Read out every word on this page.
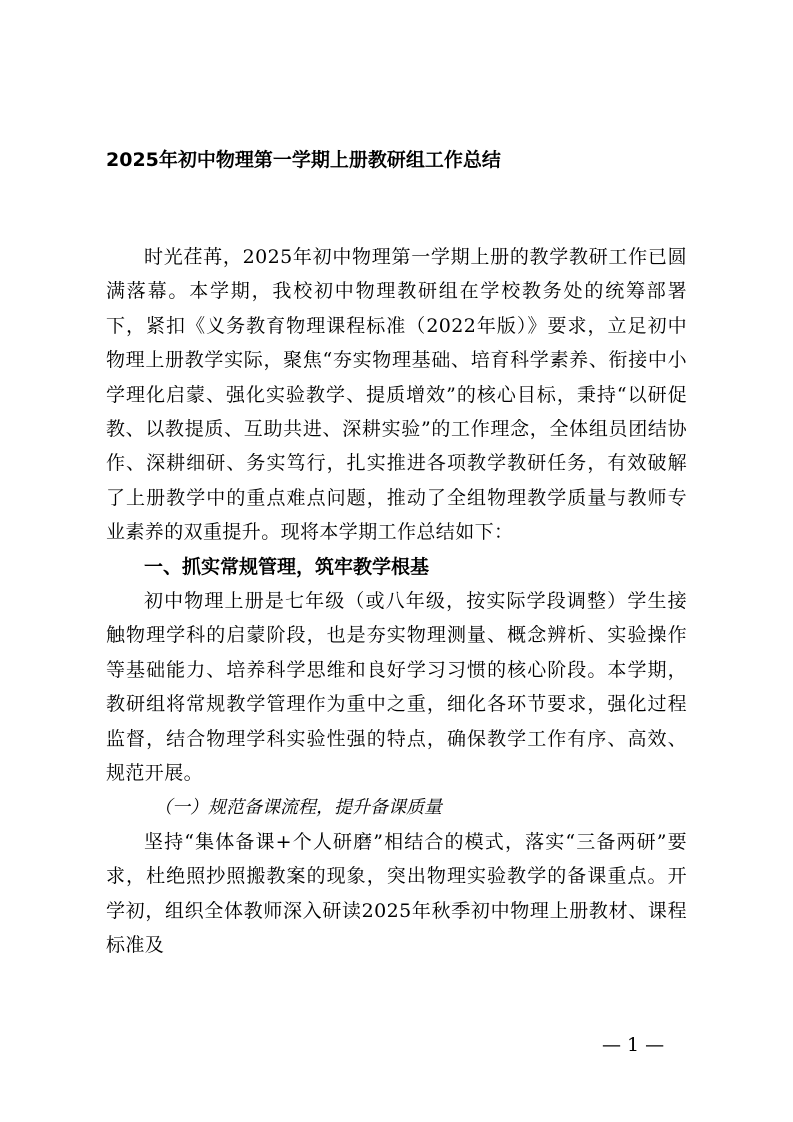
2025年初中物理第一学期上册教研组工作总结

时光荏苒，2025年初中物理第一学期上册的教学教研工作已圆满落幕。本学期，我校初中物理教研组在学校教务处的统筹部署下，紧扣《义务教育物理课程标准（2022年版）》要求，立足初中物理上册教学实际，聚焦“夯实物理基础、培育科学素养、衔接中小学理化启蒙、强化实验教学、提质增效”的核心目标，秉持“以研促教、以教提质、互助共进、深耕实验”的工作理念，全体组员团结协作、深耕细研、务实笃行，扎实推进各项教学教研任务，有效破解了上册教学中的重点难点问题，推动了全组物理教学质量与教师专业素养的双重提升。现将本学期工作总结如下：

一、抓实常规管理，筑牢教学根基

初中物理上册是七年级（或八年级，按实际学段调整）学生接触物理学科的启蒙阶段，也是夯实物理测量、概念辨析、实验操作等基础能力、培养科学思维和良好学习习惯的核心阶段。本学期，教研组将常规教学管理作为重中之重，细化各环节要求，强化过程监督，结合物理学科实验性强的特点，确保教学工作有序、高效、规范开展。

（一）规范备课流程，提升备课质量

坚持“集体备课+个人研磨”相结合的模式，落实“三备两研”要求，杜绝照抄照搬教案的现象，突出物理实验教学的备课重点。开学初，组织全体教师深入研读2025年秋季初中物理上册教材、课程标准及

— 1 —
